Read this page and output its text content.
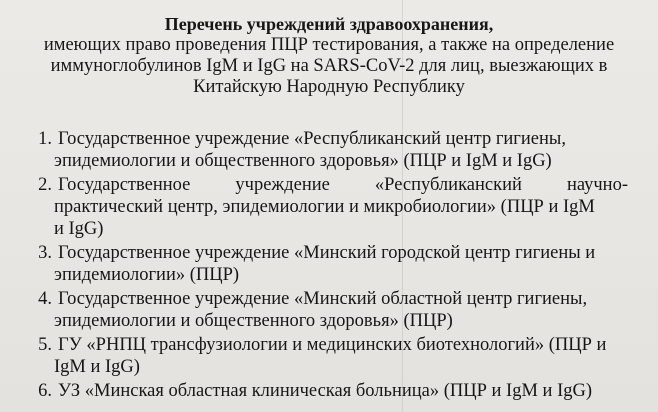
Перечень учреждений здравоохранения,
имеющих право проведения ПЦР тестирования, а также на определение
иммуноглобулинов IgM и IgG на SARS-CoV-2 для лиц, выезжающих в
Китайскую Народную Республику
1. Государственное учреждение «Республиканский центр гигиены,
эпидемиологии и общественного здоровья» (ПЦР и IgM и IgG)
2. Государственное учреждение «Республиканский научно-
практический центр, эпидемиологии и микробиологии» (ПЦР и IgM
и IgG)
3. Государственное учреждение «Минский городской центр гигиены и
эпидемиологии» (ПЦР)
4. Государственное учреждение «Минский областной центр гигиены,
эпидемиологии и общественного здоровья» (ПЦР)
5. ГУ «РНПЦ трансфузиологии и медицинских биотехнологий» (ПЦР и
IgM и IgG)
6. УЗ «Минская областная клиническая больница» (ПЦР и IgM и IgG)
